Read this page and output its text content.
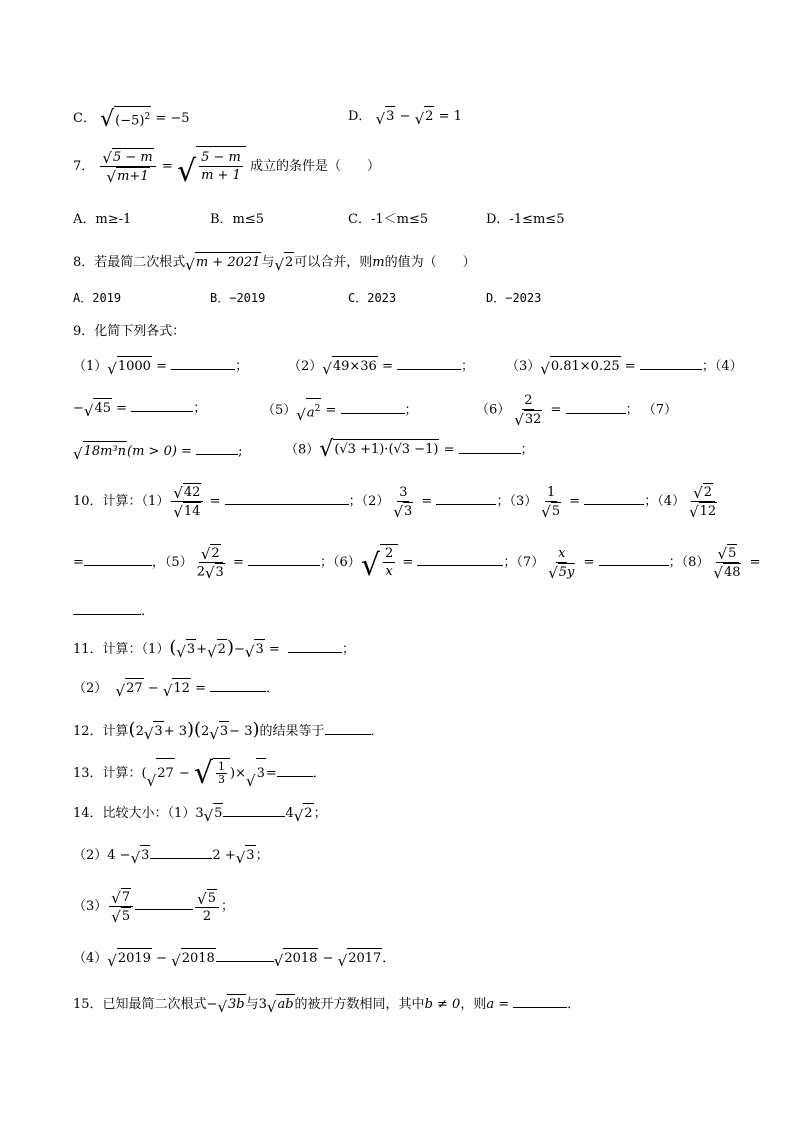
C． √ $(-5)^2 = -5$	D． √ 3 − √ 2 = 1
7． $\frac{√ 5 - m}{√ m+1}$ = √ $\frac{5 - m}{m + 1}$ 成立的条件是（　　）
A．m≥-1	B．m≤5	C．-1＜m≤5	D．-1≤m≤5
8．若最简二次根式 √ m + 2021 与 √ 2 可以合并，则m的值为（　　）
A．2019	B．−2019	C．2023	D．−2023
9．化简下列各式：
（1） √ 1000 =	；	（2） √ 49×36 =	； （3） √ 0.81×0.25 =	；（4）
− √ 45 =	；	（5） √ $a^2$ =	；	$(6) \frac{2}{√ 32}$ =	； （7）
√ 18m³n (m > 0) =	;	（8） √ (√3 +1)·(√3 −1) =	；
10．计算：$(1) \frac{√ 42}{√ 14}$ =	；$(2) \frac{3}{√ 3}$ =	；$(3) \frac{1}{√ 5}$ =	；$(4) \frac{√ 2}{√ 12}$
=	，$(5) \frac{√ 2}{2 √ 3}$ =	；（6） √ $\frac{2}{x}$ =	；$(7) \frac{x}{√ 5y}$ =	；$(8) \frac{√ 5}{√ 48}$ =
．
11．计算：（1）( √ 3 + √ 2 )− √ 3 =	；
（2） √ 27 − √ 12 =	．
12．计算(2 √ 3 + 3)(2 √ 3 − 3)的结果等于	．
13．计算：( √ 27 − √ $\frac{1}{3}$ )× √ 3 =	．
14．比较大小：（1）3 √ 5	4 √ 2 ；
（2）4 − √ 3	2 + √ 3 ；
$(3) \frac{√ 7}{√ 5}$	$\frac{√ 5}{2}$ ；
（4） √ 2019 − √ 2018	√ 2018 − √ 2017 ．
15．已知最简二次根式− √ 3b 与3 √ ab 的被开方数相同，其中b ≠ 0，则a =	．
